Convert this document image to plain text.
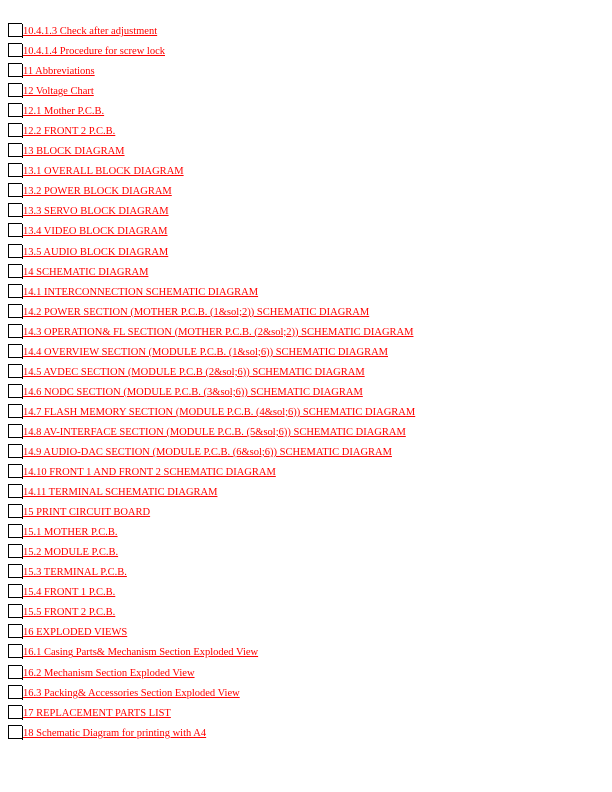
10.4.1.3 Check after adjustment
10.4.1.4 Procedure for screw lock
11 Abbreviations
12 Voltage Chart
12.1 Mother P.C.B.
12.2 FRONT 2 P.C.B.
13 BLOCK DIAGRAM
13.1 OVERALL BLOCK DIAGRAM
13.2 POWER BLOCK DIAGRAM
13.3 SERVO BLOCK DIAGRAM
13.4 VIDEO BLOCK DIAGRAM
13.5 AUDIO BLOCK DIAGRAM
14 SCHEMATIC DIAGRAM
14.1 INTERCONNECTION SCHEMATIC DIAGRAM
14.2 POWER SECTION (MOTHER P.C.B. (1&sol;2)) SCHEMATIC DIAGRAM
14.3 OPERATION& FL SECTION (MOTHER P.C.B. (2&sol;2)) SCHEMATIC DIAGRAM
14.4 OVERVIEW SECTION (MODULE P.C.B. (1&sol;6)) SCHEMATIC DIAGRAM
14.5 AVDEC SECTION (MODULE P.C.B (2&sol;6)) SCHEMATIC DIAGRAM
14.6 NODC SECTION (MODULE P.C.B. (3&sol;6)) SCHEMATIC DIAGRAM
14.7 FLASH MEMORY SECTION (MODULE P.C.B. (4&sol;6)) SCHEMATIC DIAGRAM
14.8 AV-INTERFACE SECTION (MODULE P.C.B. (5&sol;6)) SCHEMATIC DIAGRAM
14.9 AUDIO-DAC SECTION (MODULE P.C.B. (6&sol;6)) SCHEMATIC DIAGRAM
14.10 FRONT 1 AND FRONT 2 SCHEMATIC DIAGRAM
14.11 TERMINAL SCHEMATIC DIAGRAM
15 PRINT CIRCUIT BOARD
15.1 MOTHER P.C.B.
15.2 MODULE P.C.B.
15.3 TERMINAL P.C.B.
15.4 FRONT 1 P.C.B.
15.5 FRONT 2 P.C.B.
16 EXPLODED VIEWS
16.1 Casing Parts& Mechanism Section Exploded View
16.2 Mechanism Section Exploded View
16.3 Packing& Accessories Section Exploded View
17 REPLACEMENT PARTS LIST
18 Schematic Diagram for printing with A4
